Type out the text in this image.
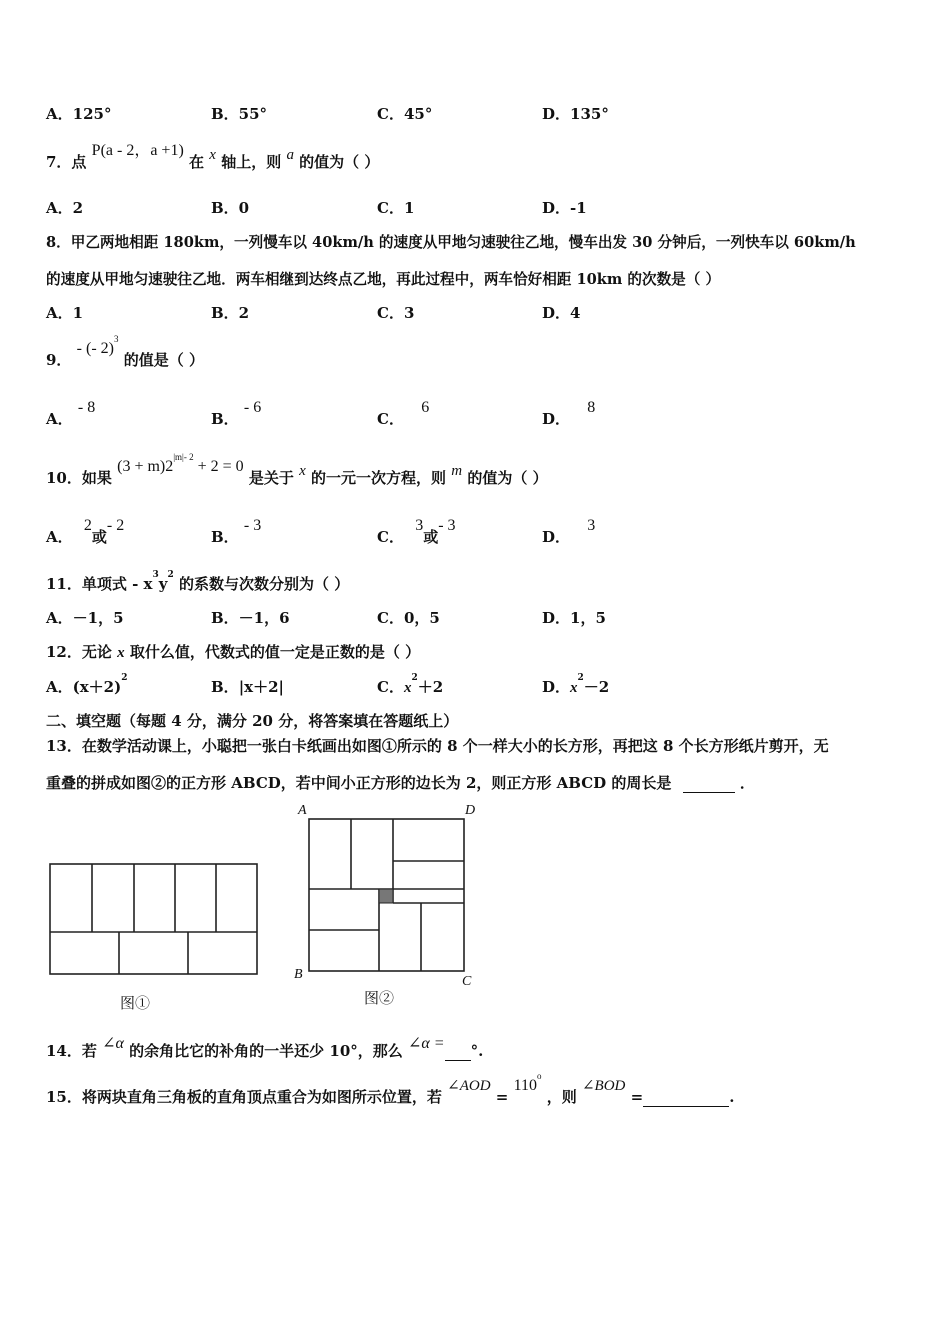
A．125°	B．55°	C．45°	D．135°
7．点 P(a - 2，a +1) 在 x 轴上，则 a 的值为（ ）
A．2	B．0	C．1	D．-1
8．甲乙两地相距 180km，一列慢车以 40km/h 的速度从甲地匀速驶往乙地，慢车出发 30 分钟后，一列快车以 60km/h
的速度从甲地匀速驶往乙地．两车相继到达终点乙地，再此过程中，两车恰好相距 10km 的次数是（ ）
A．1	B．2	C．3	D．4
9． - (- 2)$^3$ 的值是（ ）
A． - 8
B． - 6
C． 6
D． 8
10．如果 $(3 + m)2^{|m|- 2} + 2 = 0$ 是关于 x 的一元一次方程，则 m 的值为（ ）
A． 2或- 2
B． - 3
C． 3或- 3
D． 3
11．单项式 - $x^3y^2$ 的系数与次数分别为（ ）
A．－1，5	B．－1，6	C．0，5	D．1，5
12．无论 x 取什么值，代数式的值一定是正数的是（ ）
A．$(x+2)^2$	B．|x＋2|	C．$x^2+2$	D．$x^2-2$
二、填空题（每题 4 分，满分 20 分，将答案填在答题纸上）
13．在数学活动课上，小聪把一张白卡纸画出如图①所示的 8 个一样大小的长方形，再把这 8 个长方形纸片剪开，无
重叠的拼成如图②的正方形 ABCD，若中间小正方形的边长为 2，则正方形 ABCD 的周长是	．
图①
A	D
B	C
图②
14．若 ∠α 的余角比它的补角的一半还少 10°，那么 ∠α = °.
15．将两块直角三角板的直角顶点重合为如图所示位置，若 ∠AOD = $110^o$ ，则 ∠BOD =	.
